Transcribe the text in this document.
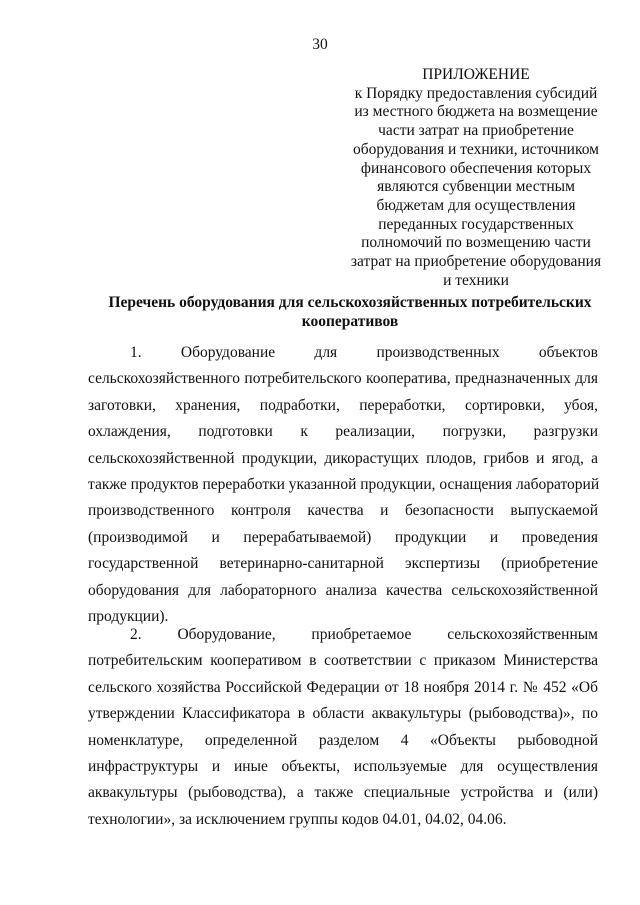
30
ПРИЛОЖЕНИЕ
к Порядку предоставления субсидий
из местного бюджета на возмещение
части затрат на приобретение
оборудования и техники, источником
финансового обеспечения которых
являются субвенции местным
бюджетам для осуществления
переданных государственных
полномочий по возмещению части
затрат на приобретение оборудования
и техники
Перечень оборудования для сельскохозяйственных потребительских
кооперативов
1. Оборудование для производственных объектов
сельскохозяйственного потребительского кооператива, предназначенных для
заготовки, хранения, подработки, переработки, сортировки, убоя,
охлаждения, подготовки к реализации, погрузки, разгрузки
сельскохозяйственной продукции, дикорастущих плодов, грибов и ягод, а
также продуктов переработки указанной продукции, оснащения лабораторий
производственного контроля качества и безопасности выпускаемой
(производимой и перерабатываемой) продукции и проведения
государственной ветеринарно-санитарной экспертизы (приобретение
оборудования для лабораторного анализа качества сельскохозяйственной
продукции).
2. Оборудование, приобретаемое сельскохозяйственным
потребительским кооперативом в соответствии с приказом Министерства
сельского хозяйства Российской Федерации от 18 ноября 2014 г. № 452 «Об
утверждении Классификатора в области аквакультуры (рыбоводства)», по
номенклатуре, определенной разделом 4 «Объекты рыбоводной
инфраструктуры и иные объекты, используемые для осуществления
аквакультуры (рыбоводства), а также специальные устройства и (или)
технологии», за исключением группы кодов 04.01, 04.02, 04.06.
